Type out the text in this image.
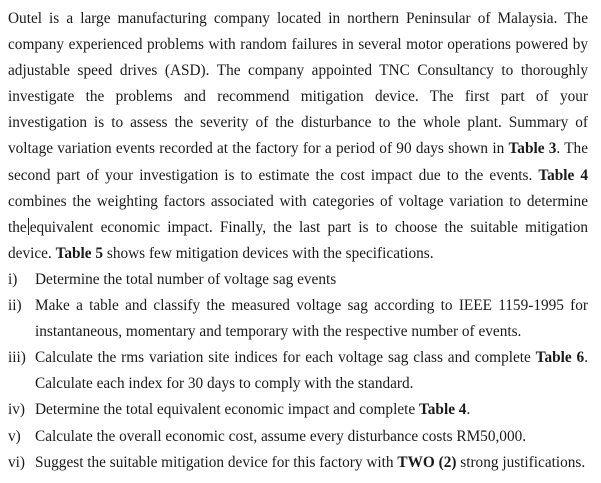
Outel is a large manufacturing company located in northern Peninsular of Malaysia. The company experienced problems with random failures in several motor operations powered by adjustable speed drives (ASD). The company appointed TNC Consultancy to thoroughly investigate the problems and recommend mitigation device. The first part of your investigation is to assess the severity of the disturbance to the whole plant. Summary of voltage variation events recorded at the factory for a period of 90 days shown in Table 3. The second part of your investigation is to estimate the cost impact due to the events. Table 4 combines the weighting factors associated with categories of voltage variation to determine the equivalent economic impact. Finally, the last part is to choose the suitable mitigation device. Table 5 shows few mitigation devices with the specifications.

i) Determine the total number of voltage sag events
ii) Make a table and classify the measured voltage sag according to IEEE 1159-1995 for instantaneous, momentary and temporary with the respective number of events.
iii) Calculate the rms variation site indices for each voltage sag class and complete Table 6. Calculate each index for 30 days to comply with the standard.
iv) Determine the total equivalent economic impact and complete Table 4.
v) Calculate the overall economic cost, assume every disturbance costs RM50,000.
vi) Suggest the suitable mitigation device for this factory with TWO (2) strong justifications.
